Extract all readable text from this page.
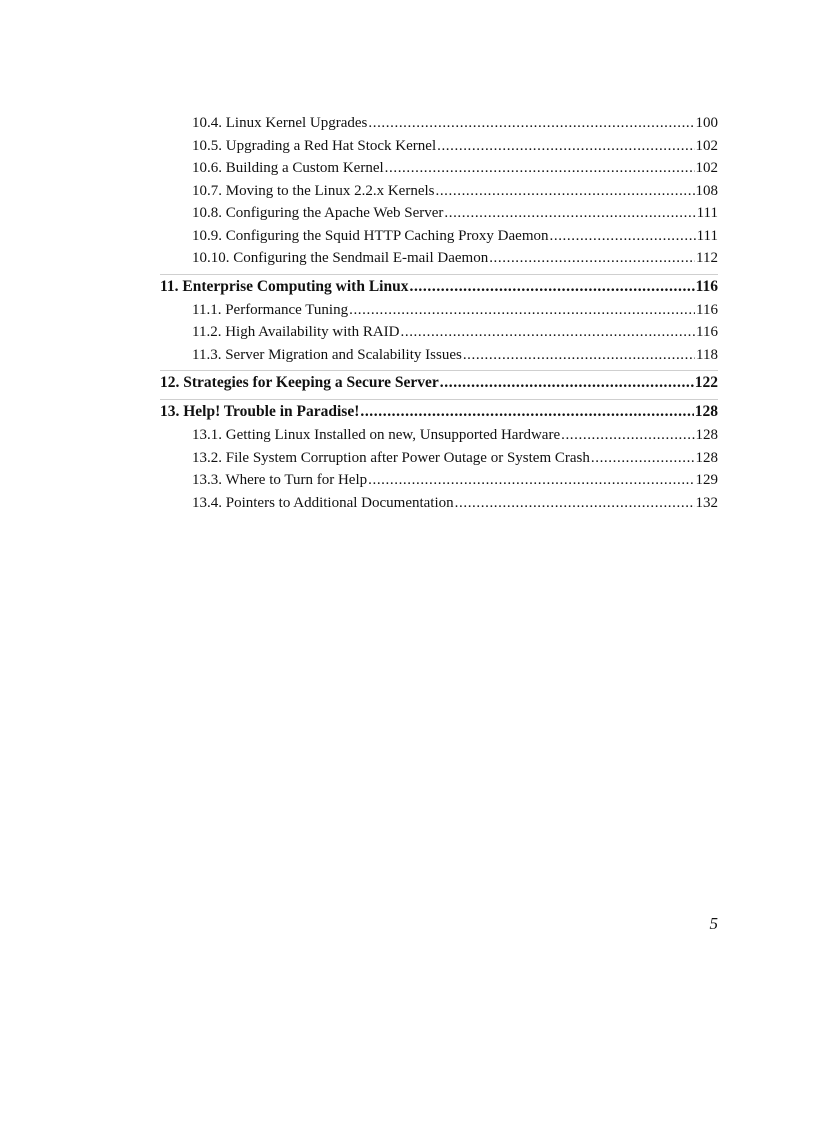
10.4. Linux Kernel Upgrades .....	100
10.5. Upgrading a Red Hat Stock Kernel .....	102
10.6. Building a Custom Kernel .....	102
10.7. Moving to the Linux 2.2.x Kernels .....	108
10.8. Configuring the Apache Web Server .....	111
10.9. Configuring the Squid HTTP Caching Proxy Daemon .....	111
10.10. Configuring the Sendmail E-mail Daemon .....	112
11. Enterprise Computing with Linux .....	116
11.1. Performance Tuning .....	116
11.2. High Availability with RAID .....	116
11.3. Server Migration and Scalability Issues .....	118
12. Strategies for Keeping a Secure Server .....	122
13. Help! Trouble in Paradise! .....	128
13.1. Getting Linux Installed on new, Unsupported Hardware .....	128
13.2. File System Corruption after Power Outage or System Crash .....	128
13.3. Where to Turn for Help .....	129
13.4. Pointers to Additional Documentation .....	132
5
